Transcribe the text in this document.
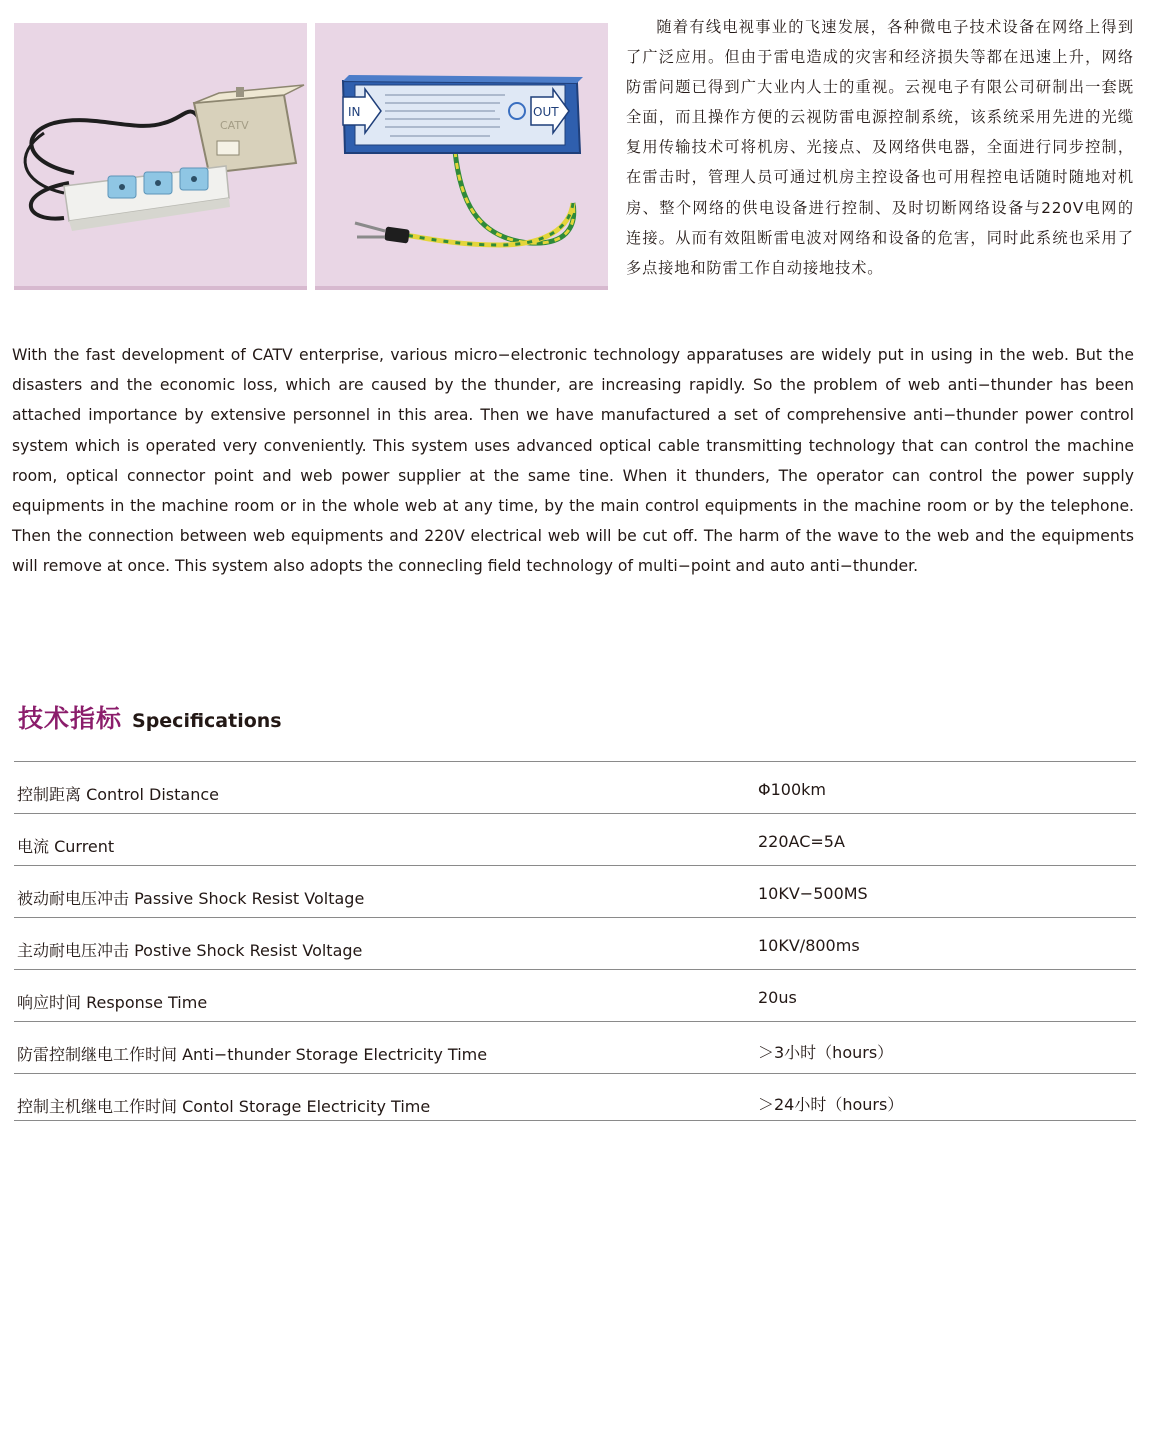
CATV
IN	OUT

随着有线电视事业的飞速发展，各种微电子技术设备在网络上得到了广泛应用。但由于雷电造成的灾害和经济损失等都在迅速上升，网络防雷问题已得到广大业内人士的重视。云视电子有限公司研制出一套既全面，而且操作方便的云视防雷电源控制系统，该系统采用先进的光缆复用传输技术可将机房、光接点、及网络供电器，全面进行同步控制，在雷击时，管理人员可通过机房主控设备也可用程控电话随时随地对机房、整个网络的供电设备进行控制、及时切断网络设备与220V电网的连接。从而有效阻断雷电波对网络和设备的危害，同时此系统也采用了多点接地和防雷工作自动接地技术。

With the fast development of CATV enterprise, various micro−electronic technology apparatuses are widely put in using in the web. But the disasters and the economic loss, which are caused by the thunder, are increasing rapidly. So the problem of web anti−thunder has been attached importance by extensive personnel in this area. Then we have manufactured a set of comprehensive anti−thunder power control system which is operated very conveniently. This system uses advanced optical cable transmitting technology that can control the machine room, optical connector point and web power supplier at the same tine. When it thunders, The operator can control the power supply equipments in the machine room or in the whole web at any time, by the main control equipments in the machine room or by the telephone. Then the connection between web equipments and 220V electrical web will be cut off. The harm of the wave to the web and the equipments will remove at once. This system also adopts the connecling field technology of multi−point and auto anti−thunder.

技术指标 Specifications
控制距离 Control Distance	Φ100km
电流 Current	220AC=5A
被动耐电压冲击 Passive Shock Resist Voltage	10KV−500MS
主动耐电压冲击 Postive Shock Resist Voltage	10KV/800ms
响应时间 Response Time	20us
防雷控制继电工作时间 Anti−thunder Storage Electricity Time	＞3小时（hours）
控制主机继电工作时间 Contol Storage Electricity Time	＞24小时（hours）
